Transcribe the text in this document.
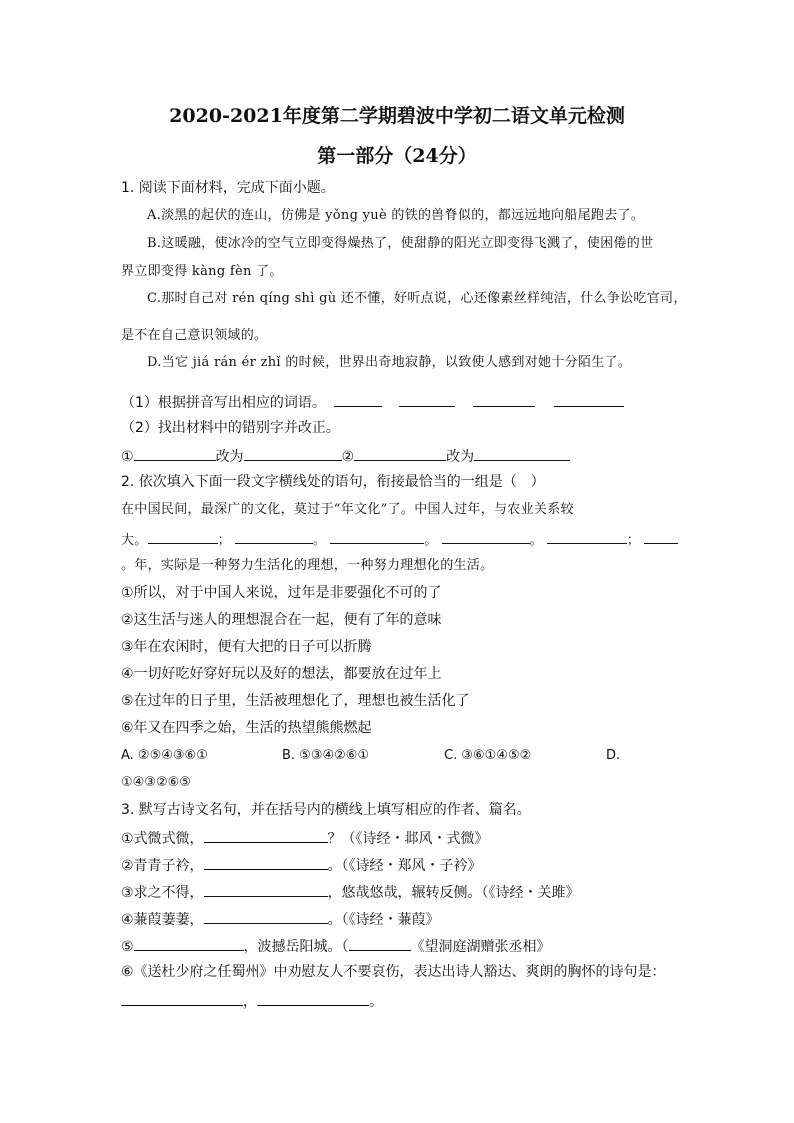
2020-2021年度第二学期碧波中学初二语文单元检测
第一部分（24分）
1. 阅读下面材料，完成下面小题。
A.淡黑的起伏的连山，仿佛是 yǒng yuè 的铁的兽脊似的，都远远地向船尾跑去了。
B.这暖融，使冰冷的空气立即变得燥热了，使甜静的阳光立即变得飞溅了，使困倦的世
界立即变得 kàng fèn 了。
C.那时自己对 rén qíng shì gù 还不懂，好听点说，心还像素丝样纯洁，什么争讼吃官司，
是不在自己意识领域的。
D.当它 jiá rán ér zhǐ 的时候，世界出奇地寂静，以致使人感到对她十分陌生了。
（1）根据拼音写出相应的词语。
（2）找出材料中的错别字并改正。
①	改为	②	改为
2. 依次填入下面一段文字横线处的语句，衔接最恰当的一组是（　）
在中国民间，最深广的文化，莫过于“年文化”了。中国人过年，与农业关系较
大。	；	。	。	。	；
。年，实际是一种努力生活化的理想，一种努力理想化的生活。
①所以，对于中国人来说，过年是非要强化不可的了
②这生活与迷人的理想混合在一起，便有了年的意味
③年在农闲时，便有大把的日子可以折腾
④一切好吃好穿好玩以及好的想法，都要放在过年上
⑤在过年的日子里，生活被理想化了，理想也被生活化了
⑥年又在四季之始，生活的热望熊熊燃起
A. ②⑤④③⑥①	B. ⑤③④②⑥①	C. ③⑥①④⑤②	D.
①④③②⑥⑤
3. 默写古诗文名句，并在括号内的横线上填写相应的作者、篇名。
①式微式微，	？（《诗经・邶风・式微》
②青青子衿，	。（《诗经・郑风・子衿》
③求之不得，	，悠哉悠哉，辗转反侧。（《诗经・关雎》
④蒹葭萋萋，	。（《诗经・蒹葭》
⑤	，波撼岳阳城。（	《望洞庭湖赠张丞相》
⑥《送杜少府之任蜀州》中劝慰友人不要哀伤，表达出诗人豁达、爽朗的胸怀的诗句是：
，	。
